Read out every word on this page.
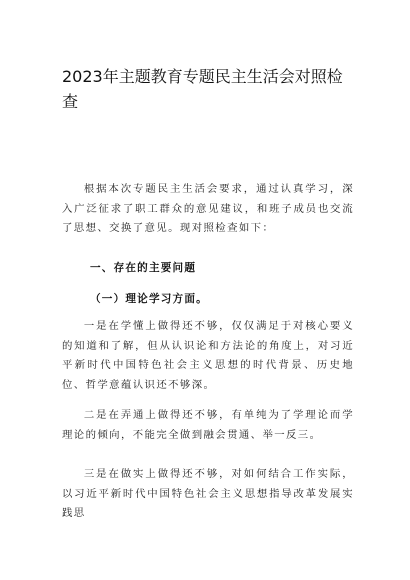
2023年主题教育专题民主生活会对照检查

根据本次专题民主生活会要求，通过认真学习，深入广泛征求了职工群众的意见建议，和班子成员也交流了思想、交换了意见。现对照检查如下：

一、存在的主要问题

（一）理论学习方面。

一是在学懂上做得还不够，仅仅满足于对核心要义的知道和了解，但从认识论和方法论的角度上，对习近平新时代中国特色社会主义思想的时代背景、历史地位、哲学意蕴认识还不够深。

二是在弄通上做得还不够，有单纯为了学理论而学理论的倾向，不能完全做到融会贯通、举一反三。

三是在做实上做得还不够，对如何结合工作实际，以习近平新时代中国特色社会主义思想指导改革发展实践思
